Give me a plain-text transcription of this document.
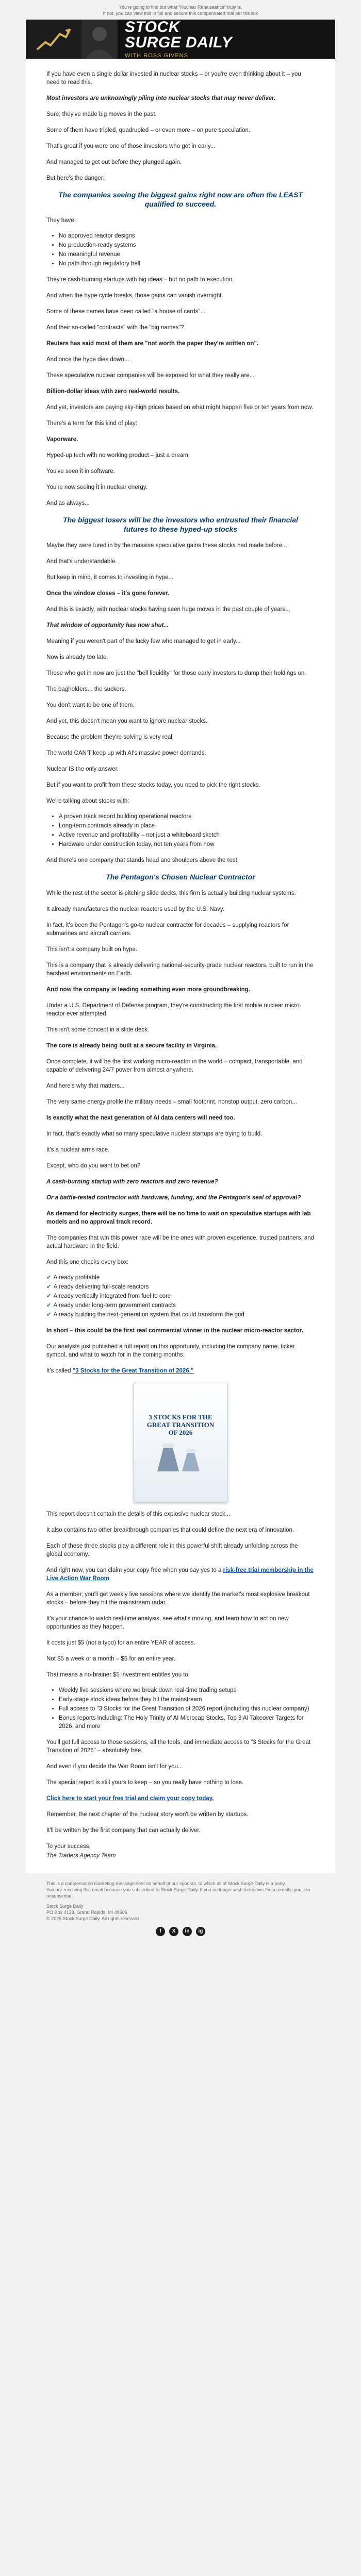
You're going to find out what "Nuclear Renaissance" truly is.
If not, you can view this in full and secure this compensated trial per the link
STOCK
SURGE DAILY
WITH ROSS GIVENS

If you have even a single dollar invested in nuclear stocks – or you're even thinking about it – you need to read this.

Most investors are unknowingly piling into nuclear stocks that may never deliver.

Sure, they've made big moves in the past.

Some of them have tripled, quadrupled – or even more – on pure speculation.

That's great if you were one of those investors who got in early...

And managed to get out before they plunged again.

But here's the danger:

The companies seeing the biggest gains right now are often the LEAST qualified to succeed.

They have:

• No approved reactor designs
• No production-ready systems
• No meaningful revenue
• No path through regulatory hell

They're cash-burning startups with big ideas – but no path to execution.

And when the hype cycle breaks, those gains can vanish overnight.

Some of these names have been called "a house of cards"...

And their so-called "contracts" with the "big names"?

Reuters has said most of them are "not worth the paper they're written on".

And once the hype dies down...

These speculative nuclear companies will be exposed for what they really are...

Billion-dollar ideas with zero real-world results.

And yet, investors are paying sky-high prices based on what might happen five or ten years from now.

There's a term for this kind of play:

Vaporware.

Hyped-up tech with no working product – just a dream.

You've seen it in software.

You're now seeing it in nuclear energy.

And as always...

The biggest losers will be the investors who entrusted their financial futures to these hyped-up stocks

Maybe they were lured in by the massive speculative gains these stocks had made before...

And that's understandable.

But keep in mind, it comes to investing in hype...

Once the window closes – it's gone forever.

And this is exactly, with nuclear stocks having seen huge moves in the past couple of years...

That window of opportunity has now shut...

Meaning if you weren't part of the lucky few who managed to get in early...

Now is already too late.

Those who get in now are just the "bell liquidity" for those early investors to dump their holdings on.

The bagholders... the suckers.

You don't want to be one of them.

And yet, this doesn't mean you want to ignore nuclear stocks.

Because the problem they're solving is very real.

The world CAN'T keep up with AI's massive power demands.

Nuclear IS the only answer.

But if you want to profit from these stocks today, you need to pick the right stocks.

We're talking about stocks with:

• A proven track record building operational reactors
• Long-term contracts already in place
• Active revenue and profitability – not just a whiteboard sketch
• Hardware under construction today, not ten years from now

And there's one company that stands head and shoulders above the rest.

The Pentagon's Chosen Nuclear Contractor

While the rest of the sector is pitching slide decks, this firm is actually building nuclear systems.

It already manufactures the nuclear reactors used by the U.S. Navy.

In fact, it's been the Pentagon's go-to nuclear contractor for decades – supplying reactors for submarines and aircraft carriers.

This isn't a company built on hype.

This is a company that is already delivering national-security-grade nuclear reactors, built to run in the harshest environments on Earth.

And now the company is leading something even more groundbreaking.

Under a U.S. Department of Defense program, they're constructing the first mobile nuclear micro-reactor ever attempted.

This isn't some concept in a slide deck.

The core is already being built at a secure facility in Virginia.

Once complete, it will be the first working micro-reactor in the world – compact, transportable, and capable of delivering 24/7 power from almost anywhere.

And here's why that matters...

The very same energy profile the military needs – small footprint, nonstop output, zero carbon...

Is exactly what the next generation of AI data centers will need too.

In fact, that's exactly what so many speculative nuclear startups are trying to build.

It's a nuclear arms race.

Except, who do you want to bet on?

A cash-burning startup with zero reactors and zero revenue?

Or a battle-tested contractor with hardware, funding, and the Pentagon's seal of approval?

As demand for electricity surges, there will be no time to wait on speculative startups with lab models and no approval track record.

The companies that win this power race will be the ones with proven experience, trusted partners, and actual hardware in the field.

And this one checks every box:

✔ Already profitable
✔ Already delivering full-scale reactors
✔ Already vertically integrated from fuel to core
✔ Already under long-term government contracts
✔ Already building the next-generation system that could transform the grid

In short – this could be the first real commercial winner in the nuclear micro-reactor sector.

Our analysts just published a full report on this opportunity, including the company name, ticker symbol, and what to watch for in the coming months.

It's called "3 Stocks for the Great Transition of 2026."

3 STOCKS FOR THE
GREAT TRANSITION
OF 2026

This report doesn't contain the details of this explosive nuclear stock...

It also contains two other breakthrough companies that could define the next era of innovation.

Each of these three stocks play a different role in this powerful shift already unfolding across the global economy.

And right now, you can claim your copy free when you say yes to a risk-free trial membership in the Live Action War Room.

As a member, you'll get weekly live sessions where we identify the market's most explosive breakout stocks – before they hit the mainstream radar.

It's your chance to watch real-time analysis, see what's moving, and learn how to act on new opportunities as they happen.

It costs just $5 (not a typo) for an entire YEAR of access.

Not $5 a week or a month – $5 for an entire year.

That means a no-brainer $5 investment entitles you to:

• Weekly live sessions where we break down real-time trading setups
• Early-stage stock ideas before they hit the mainstream
• Full access to "3 Stocks for the Great Transition of 2026 report (including this nuclear company)
• Bonus reports including: The Holy Trinity of AI Microcap Stocks, Top 3 AI Takeover Targets for 2026, and more

You'll get full access to those sessions, all the tools, and immediate access to "3 Stocks for the Great Transition of 2026" – absolutely free.

And even if you decide the War Room isn't for you...

The special report is still yours to keep – so you really have nothing to lose.

Click here to start your free trial and claim your copy today.

Remember, the next chapter of the nuclear story won't be written by startups.

It'll be written by the first company that can actually deliver.

To your success,

The Traders Agency Team

This is a compensated marketing message sent on behalf of our sponsor, to which all of Stock Surge Daily is a party.
You are receiving this email because you subscribed to Stock Surge Daily. If you no longer wish to receive these emails, you can unsubscribe.
Stock Surge Daily
PO Box 4133, Grand Rapids, MI 49506
© 2025 Stock Surge Daily. All rights reserved.
f	X	in	ig
